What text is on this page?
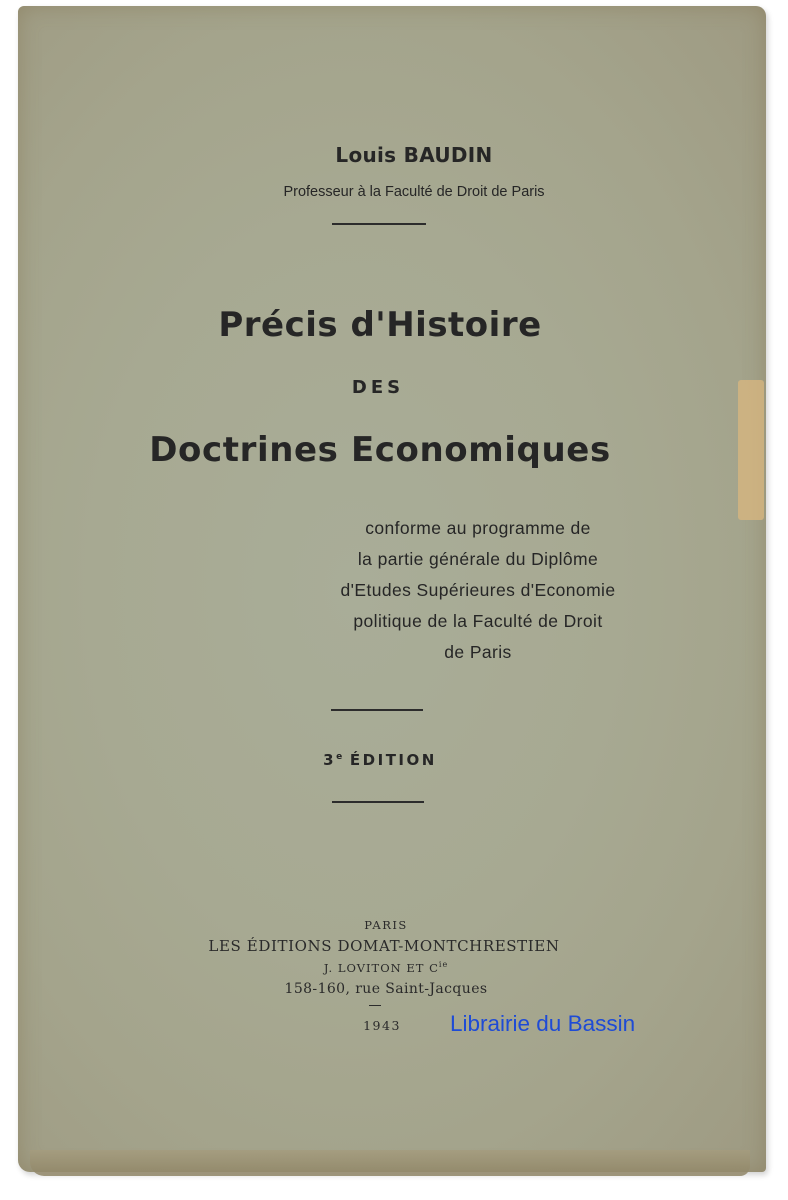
Louis BAUDIN
Professeur à la Faculté de Droit de Paris
Précis d'Histoire
DES
Doctrines Economiques
conforme au programme de
la partie générale du Diplôme
d'Etudes Supérieures d'Economie
politique de la Faculté de Droit
de Paris
3e ÉDITION
PARIS
LES ÉDITIONS DOMAT-MONTCHRESTIEN
J. LOVITON ET $C^{ie}$
158-160, rue Saint-Jacques
1943	Librairie du Bassin
